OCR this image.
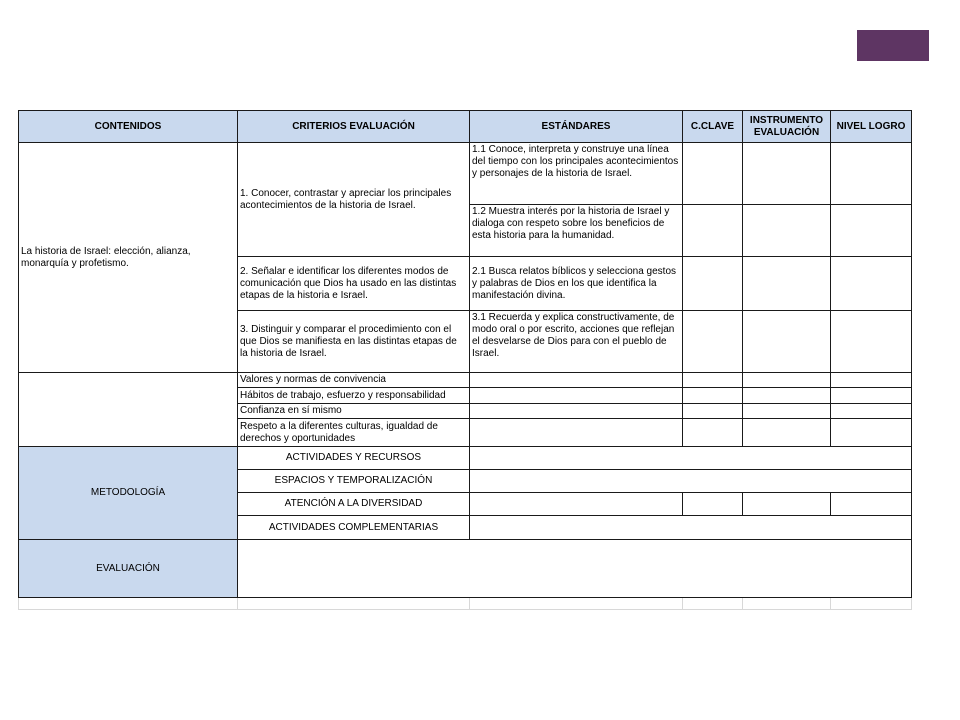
CONTENIDOS	CRITERIOS EVALUACIÓN	ESTÁNDARES	C.CLAVE	INSTRUMENTO EVALUACIÓN	NIVEL LOGRO
La historia de Israel: elección, alianza, monarquía y profetismo.	1. Conocer, contrastar y apreciar los principales acontecimientos de la historia de Israel.	1.1 Conoce, interpreta y construye una línea del tiempo con los principales acontecimientos y personajes de la historia de Israel.			
		1.2 Muestra interés por la historia de Israel y dialoga con respeto sobre los beneficios de esta historia para la humanidad.			
	2. Señalar e identificar los diferentes modos de comunicación que Dios ha usado en las distintas etapas de la historia e Israel.	2.1 Busca relatos bíblicos y selecciona gestos y palabras de Dios en los que identifica la manifestación divina.			
	3. Distinguir y comparar el procedimiento con el que Dios se manifiesta en las distintas etapas de la historia de Israel.	3.1 Recuerda y explica constructivamente, de modo oral o por escrito, acciones que reflejan el desvelarse de Dios para con el pueblo de Israel.			
	Valores y normas de convivencia				
	Hábitos de trabajo, esfuerzo y responsabilidad				
	Confianza en sí mismo				
	Respeto a la diferentes culturas, igualdad de derechos y oportunidades				
METODOLOGÍA	ACTIVIDADES Y RECURSOS				
	ESPACIOS Y TEMPORALIZACIÓN				
	ATENCIÓN A LA DIVERSIDAD				
	ACTIVIDADES COMPLEMENTARIAS				
EVALUACIÓN					
